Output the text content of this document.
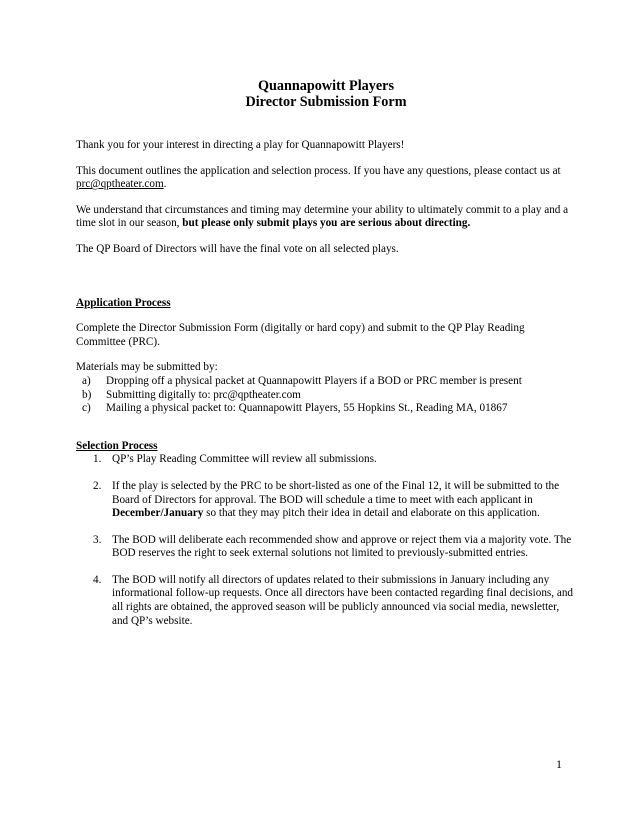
Quannapowitt Players
Director Submission Form

Thank you for your interest in directing a play for Quannapowitt Players!

This document outlines the application and selection process. If you have any questions, please contact us at prc@qptheater.com.

We understand that circumstances and timing may determine your ability to ultimately commit to a play and a time slot in our season, but please only submit plays you are serious about directing.

The QP Board of Directors will have the final vote on all selected plays.

Application Process

Complete the Director Submission Form (digitally or hard copy) and submit to the QP Play Reading Committee (PRC).

Materials may be submitted by:

a) Dropping off a physical packet at Quannapowitt Players if a BOD or PRC member is present
b) Submitting digitally to: prc@qptheater.com
c) Mailing a physical packet to: Quannapowitt Players, 55 Hopkins St., Reading MA, 01867
Selection Process
1. QP’s Play Reading Committee will review all submissions.
2. If the play is selected by the PRC to be short-listed as one of the Final 12, it will be submitted to the Board of Directors for approval. The BOD will schedule a time to meet with each applicant in December/January so that they may pitch their idea in detail and elaborate on this application.
3. The BOD will deliberate each recommended show and approve or reject them via a majority vote. The BOD reserves the right to seek external solutions not limited to previously-submitted entries.
4. The BOD will notify all directors of updates related to their submissions in January including any informational follow-up requests. Once all directors have been contacted regarding final decisions, and all rights are obtained, the approved season will be publicly announced via social media, newsletter, and QP’s website.
1
